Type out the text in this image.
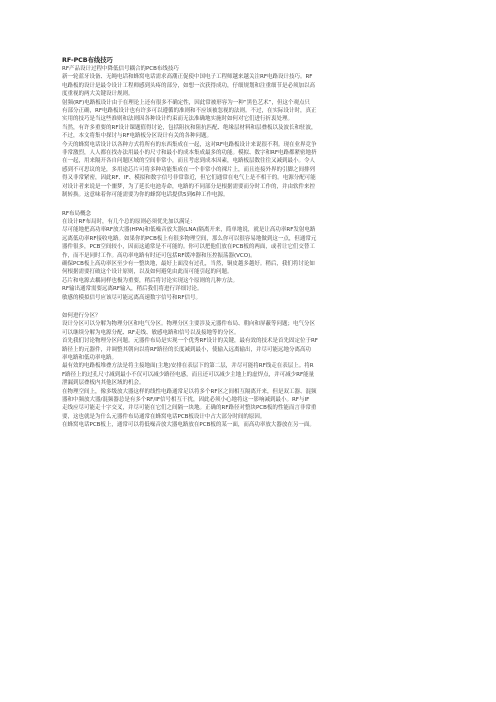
RF-PCB布线技巧
RF产品设计过程中降低信号耦合的PCB布线技巧
新一轮蓝牙设备、无绳电话和蜂窝电话需求高潮正促使中国电子工程师越来越关注RF电路设计技巧。RF
电路板的设计是最令设计工程师感到头疼的部分，如想一次获得成功，仔细规划和注重细节是必须加以高
度重视的两大关键设计规则。
射频(RF)电路板设计由于在理论上还有很多不确定性，因此常被形容为一种“黑色艺术”，但这个观点只
有部分正确，RF电路板设计也有许多可以遵循的准则和不应该被忽视的法则。不过，在实际设计时，真正
实用的技巧是当这些准则和法则因各种设计约束而无法准确地实施时如何对它们进行折衷处理。
当然，有许多重要的RF设计课题值得讨论，包括阻抗和阻抗匹配、绝缘层材料和层叠板以及波长和驻波，
不过，本文将集中探讨与RF电路板分区设计有关的各种问题。
今天的蜂窝电话设计以各种方式将所有的东西集成在一起，这对RF电路板设计来说很不利。现在业界竞争
非常激烈，人人都在找办法用最小的尺寸和最小的成本集成最多的功能。模拟、数字和RF电路都紧密地挤
在一起，用来隔开各自问题区域的空间非常小，而且考虑到成本因素，电路板层数往往又减到最小。令人
感到不可思议的是，多用途芯片可将多种功能集成在一个非常小的裸片上，而且连接外界的引脚之间排列
得又非常紧密，因此RF、IF、模拟和数字信号非常靠近，但它们通常在电气上是不相干的。电源分配可能
对设计者来说是一个噩梦，为了延长电池寿命，电路的不同部分是根据需要而分时工作的，并由软件来控
制转换。这意味着你可能需要为你的蜂窝电话提供5到6种工作电源。
RF布局概念
在设计RF布局时，有几个总的原则必须优先加以满足：
尽可能地把高功率RF放大器(HPA)和低噪音放大器(LNA)隔离开来，简单地说，就是让高功率RF发射电路
远离低功率RF接收电路。如果你的PCB板上有很多物理空间，那么你可以很容易地做到这一点，但通常元
器件很多，PCB空间较小，因而这通常是不可能的。你可以把他们放在PCB板的两面，或者让它们交替工
作，而不是同时工作。高功率电路有时还可包括RF缓冲器和压控振荡器(VCO)。
确保PCB板上高功率区至少有一整块地，最好上面没有过孔，当然，铜皮越多越好。稍后，我们将讨论如
何根据需要打破这个设计原则，以及如何避免由此而可能引起的问题。
芯片和电源去耦同样也极为重要，稍后将讨论实现这个原则的几种方法。
RF输出通常需要远离RF输入，稍后我们将进行详细讨论。
敏感的模拟信号应该尽可能远离高速数字信号和RF信号。
如何进行分区？
设计分区可以分解为物理分区和电气分区。物理分区主要涉及元器件布局、朝向和屏蔽等问题；电气分区
可以继续分解为电源分配、RF走线、敏感电路和信号以及接地等的分区。
首先我们讨论物理分区问题。元器件布局是实现一个优秀RF设计的关键，最有效的技术是首先固定位于RF
路径上的元器件，并调整其朝向以将RF路径的长度减到最小，使输入远离输出，并尽可能远地分离高功
率电路和低功率电路。
最有效的电路板堆叠方法是将主接地面(主地)安排在表层下的第二层，并尽可能将RF线走在表层上。将R
F路径上的过孔尺寸减到最小不仅可以减少路径电感，而且还可以减少主地上的虚焊点，并可减少RF能量
泄漏到层叠板内其他区域的机会。
在物理空间上，像多级放大器这样的线性电路通常足以将多个RF区之间相互隔离开来，但是双工器、混频
器和中频放大器/混频器总是有多个RF/IF信号相互干扰，因此必须小心地将这一影响减到最小。RF与IF
走线应尽可能走十字交叉，并尽可能在它们之间隔一块地。正确的RF路径对整块PCB板的性能而言非常重
要，这也就是为什么元器件布局通常在蜂窝电话PCB板设计中占大部分时间的原因。
在蜂窝电话PCB板上，通常可以将低噪音放大器电路放在PCB板的某一面，而高功率放大器放在另一面。
